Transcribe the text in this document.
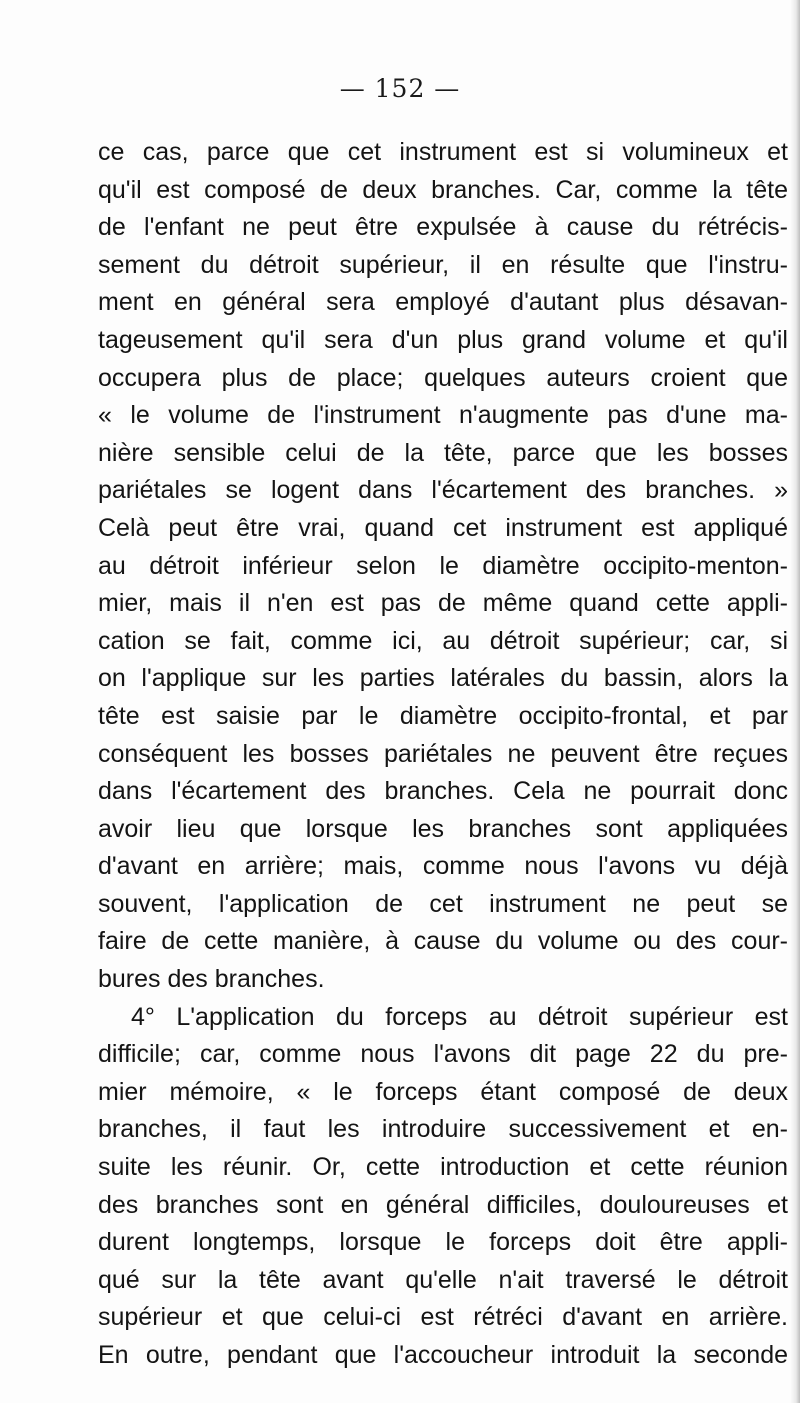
— 152 —
ce cas, parce que cet instrument est si volumineux et
qu'il est composé de deux branches. Car, comme la tête
de l'enfant ne peut être expulsée à cause du rétrécis-
sement du détroit supérieur, il en résulte que l'instru-
ment en général sera employé d'autant plus désavan-
tageusement qu'il sera d'un plus grand volume et qu'il
occupera plus de place; quelques auteurs croient que
« le volume de l'instrument n'augmente pas d'une ma-
nière sensible celui de la tête, parce que les bosses
pariétales se logent dans l'écartement des branches. »
Celà peut être vrai, quand cet instrument est appliqué
au détroit inférieur selon le diamètre occipito-menton-
mier, mais il n'en est pas de même quand cette appli-
cation se fait, comme ici, au détroit supérieur; car, si
on l'applique sur les parties latérales du bassin, alors la
tête est saisie par le diamètre occipito-frontal, et par
conséquent les bosses pariétales ne peuvent être reçues
dans l'écartement des branches. Cela ne pourrait donc
avoir lieu que lorsque les branches sont appliquées
d'avant en arrière; mais, comme nous l'avons vu déjà
souvent, l'application de cet instrument ne peut se
faire de cette manière, à cause du volume ou des cour-
bures des branches.
4° L'application du forceps au détroit supérieur est
difficile; car, comme nous l'avons dit page 22 du pre-
mier mémoire, « le forceps étant composé de deux
branches, il faut les introduire successivement et en-
suite les réunir. Or, cette introduction et cette réunion
des branches sont en général difficiles, douloureuses et
durent longtemps, lorsque le forceps doit être appli-
qué sur la tête avant qu'elle n'ait traversé le détroit
supérieur et que celui-ci est rétréci d'avant en arrière.
En outre, pendant que l'accoucheur introduit la seconde
